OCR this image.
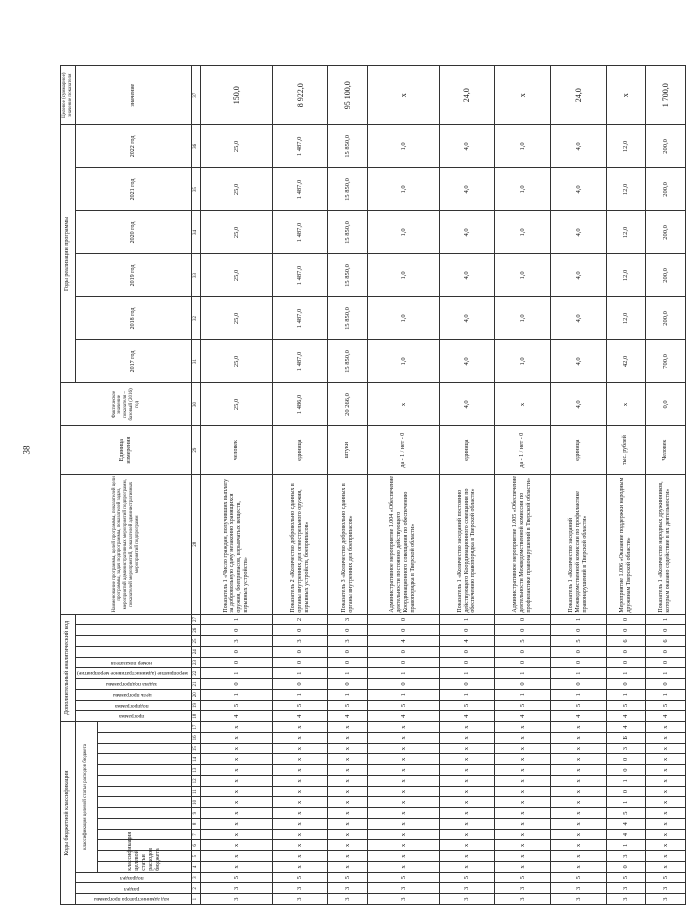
38
Коды бюджетной классификации																	Дополнительный аналитический код										Наименование программы, целей программы, показателей цели программы, задач подпрограммы, показателей задач, мероприятий административных мероприятий подпрограмм, показателей мероприятий, показателей административных мероприятий подпрограмм	Единица измерения	Фактическое значение показателя – базовый (2016) год	Годы реализации программы						Целевое (суммарное) значение показателя
код администратора программы	раздел	подраздел	классификация целевой статьи расходов бюджета														программа	подпрограмма	цель программы	задача подпрограммы	мероприятие (административное мероприятие)	номер показателя								2017 год	2018 год	2019 год	2020 год	2021 год	2022 год	значение
			классификация целевой статьи расходов бюджета																																	
1	2	3	4	5	6	7	8	9	10	11	12	13	14	15	16	17	18	19	20	21	22	23	24	25	26	27	28	29	30	31	32	33	34	35	36	37
3	3	5	х	х	х	х	х	х	х	х	х	х	х	х	х	х	4	5	1	0	1	0	0	3	0	1	Показатель 1 «Число граждан, получивших выплату за добровольную сдачу незаконно хранящихся оружия, боеприпасов, взрывчатых веществ, взрывных устройств»	человек	25,0	25,0	25,0	25,0	25,0	25,0	25,0	150,0
3	3	5	х	х	х	х	х	х	х	х	х	х	х	х	х	х	4	5	1	0	1	0	0	3	0	2	Показатель 2 «Количество добровольно сданных в органы внутренних дел огнестрельного оружия, взрывных устройств, боеприпасов»	единица	1 486,0	1 487,0	1 487,0	1 487,0	1 487,0	1 487,0	1 487,0	8 922,0
3	3	5	х	х	х	х	х	х	х	х	х	х	х	х	х	х	4	5	1	0	1	0	0	3	0	3	Показатель 3 «Количество добровольно сданных в органы внутренних дел боеприпасов»	штуки	20 266,0	15 850,0	15 850,0	15 850,0	15 850,0	15 850,0	15 850,0	95 100,0
3	3	5	х	х	х	х	х	х	х	х	х	х	х	х	х	х	4	5	1	0	1	0	0	4	0	0	Административное мероприятие 1.004 «Обеспечение деятельности постоянно действующего Координационного совещания по обеспечению правопорядка в Тверской области»	да - 1 / нет - 0	х	1,0	1,0	1,0	1,0	1,0	1,0	х
3	3	5	х	х	х	х	х	х	х	х	х	х	х	х	х	х	4	5	1	0	1	0	0	4	0	1	Показатель 1 «Количество заседаний постоянно действующего Координационного совещания по обеспечению правопорядка в Тверской области»	единица	4,0	4,0	4,0	4,0	4,0	4,0	4,0	24,0
3	3	5	х	х	х	х	х	х	х	х	х	х	х	х	х	х	4	5	1	0	1	0	0	5	0	0	Административное мероприятие 1.005 «Обеспечение деятельности Межведомственной комиссии по профилактике правонарушений в Тверской области»	да - 1 / нет - 0	х	1,0	1,0	1,0	1,0	1,0	1,0	х
3	3	5	х	х	х	х	х	х	х	х	х	х	х	х	х	х	4	5	1	0	1	0	0	5	0	1	Показатель 1 «Количество заседаний Межведомственной комиссии по профилактике правонарушений в Тверской области»	единица	4,0	4,0	4,0	4,0	4,0	4,0	4,0	24,0
3	3	5	0	3	1	4	4	5	1	0	1	0	0	3	Б	4	4	5	1	0	1	0	0	6	0	0	Мероприятие 1.006 «Оказание поддержки народным дружинам Тверской области»	тыс. рублей	х	42,0	12,0	12,0	12,0	12,0	12,0	х
3	3	5	х	х	х	х	х	х	х	х	х	х	х	х	х	х	4	5	1	0	1	0	0	6	0	1	Показатель 1 «Количество народных дружинников, которым оказано содействие в их деятельности»	Человек	0,0	700,0	200,0	200,0	200,0	200,0	200,0	1 700,0
